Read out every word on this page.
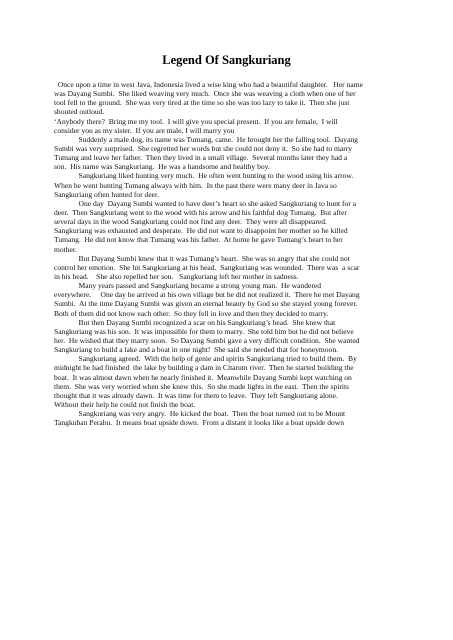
Legend Of Sangkuriang
Once upon a time in west Java, Indonesia lived a wise king who had a beautiful daughter.   Her name
was Dayang Sumbi.  She liked weaving very much.  Once she was weaving a cloth when one of her
tool fell to the ground.  She was very tired at the time so she was too lazy to take it.  Then she just
shouted outloud.
‘Anybody there?  Bring me my tool.  I will give you special present.  If you are female,  I will
consider you as my sister.  If you are male, I will marry you
Suddenly a male dog, its name was Tumang, came.  He brought her the falling tool.  Dayang
Sumbi was very surprised.  She regretted her words but she could not deny it.  So she had to marry
Tumang and leave her father.  Then they lived in a small village.  Several months later they had a
son.  His name was Sangkuriang.  He was a handsome and healthy boy.
Sangkuriang liked hunting very much.  He often went hunting to the wood using his arrow.
When he went hunting Tumang always with him.  In the past there were many deer in Java so
Sangkuriang often hunted for deer.
One day  Dayang Sumbi wanted to have deer’s heart so she asked Sangkuriang to hunt for a
deer.  Then Sangkuriang went to the wood with his arrow and his faithful dog Tumang.  But after
several days in the wood Sangkuriang could not find any deer.  They were all disappeared.
Sangkuriang was exhausted and desperate.  He did not want to disappoint her mother so he killed
Tumang.  He did not know that Tumang was his father.  At home he gave Tumang’s heart to her
mother.
But Dayang Sumbi knew that it was Tumang’s heart.  She was so angry that she could not
control her emotion.  She hit Sangkuriang at his head.  Sangkuriang was wounded.  There was  a scar
in his head.    She also repelled her son.   Sangkuriang left her mother in sadness.
Many years passed and Sangkuriang became a strong young man.  He wandered
everywhere.     One day he arrived at his own village but he did not realized it.  There he met Dayang
Sumbi.  At the time Dayang Sumbi was given an eternal beauty by God so she stayed young forever.
Both of them did not know each other.  So they fell in love and then they decided to marry.
But then Dayang Sumbi recognized a scar on his Sangkuriang’s head.  She knew that
Sangkuriang was his son.  It was impossible for them to marry.  She told him but he did not believe
her.  He wished that they marry soon.  So Dayang Sumbi gave a very difficult condition.  She wanted
Sangkuriang to build a lake and a boat in one night!  She said she needed that for honeymoon.
Sangkuriang agreed.  With the help of genie and spirits Sangkuriang tried to build them.  By
midnight he had finished  the lake by building a dam in Citarum river.  Then he started building the
boat.  It was almost dawn when he nearly finished it.  Meanwhile Dayang Sumbi kept watching on
them.  She was very worried when she knew this.  So she made lights in the east.  Then the spirits
thought that it was already dawn.  It was time for them to leave.  They left Sangkuriang alone.
Without their help he could not finish the boat.
Sangkuriang was very angry.  He kicked the boat.  Then the boat turned out to be Mount
Tangkuban Perahu.  It means boat upside down.  From a distant it looks like a boat upside down
